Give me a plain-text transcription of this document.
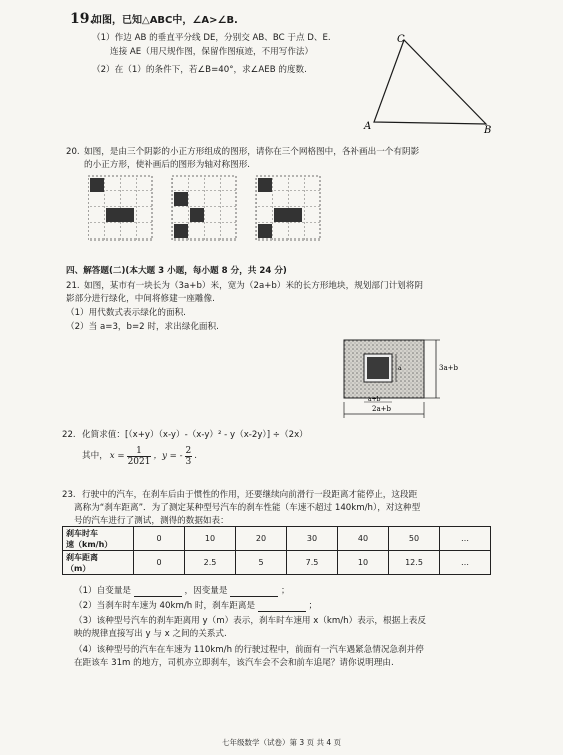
19.
如图，已知△ABC中，∠A>∠B.
（1）作边 AB 的垂直平分线 DE，分别交 AB、BC 于点 D、E.
连接 AE（用尺规作图，保留作图痕迹，不用写作法）
（2）在（1）的条件下，若∠B=40°，求∠AEB 的度数.
C
A	B
20. 如图，是由三个阴影的小正方形组成的图形，请你在三个网格图中，各补画出一个有阴影
的小正方形，使补画后的图形为轴对称图形.
四、解答题(二)(本大题 3 小题，每小题 8 分，共 24 分)
21. 如图，某市有一块长为（3a+b）米，宽为（2a+b）米的长方形地块，规划部门计划将阴
影部分进行绿化，中间将修建一座雕像.
（1）用代数式表示绿化的面积.
（2）当 a=3，b=2 时，求出绿化面积.
3a+b
2a+b
a+b
a
22. 化简求值：[（x+y）（x-y）-（x-y）² - y（x-2y）] ÷（2x）
其中， $x = \frac{1}{2021}$ ，y = - $\frac{2}{3}$ .
23. 行驶中的汽车，在刹车后由于惯性的作用，还要继续向前滑行一段距离才能停止，这段距
离称为“刹车距离”．为了测定某种型号汽车的刹车性能（车速不超过 140km/h），对这种型
号的汽车进行了测试，测得的数据如表：
刹车时车
速（km/h）	0	10	20	30	40	50	…
刹车距离
（m）	0	2.5	5	7.5	10	12.5	…
（1）自变量是	，因变量是	；
（2）当刹车时车速为 40km/h 时，刹车距离是	；
（3）该种型号汽车的刹车距离用 y（m）表示，刹车时车速用 x（km/h）表示，根据上表反
映的规律直接写出 y 与 x 之间的关系式.
（4）该种型号的汽车在车速为 110km/h 的行驶过程中，前面有一汽车遇紧急情况急刹并停
在距该车 31m 的地方，司机亦立即刹车，该汽车会不会和前车追尾？请你说明理由.
七年级数学（试卷）第 3 页 共 4 页
